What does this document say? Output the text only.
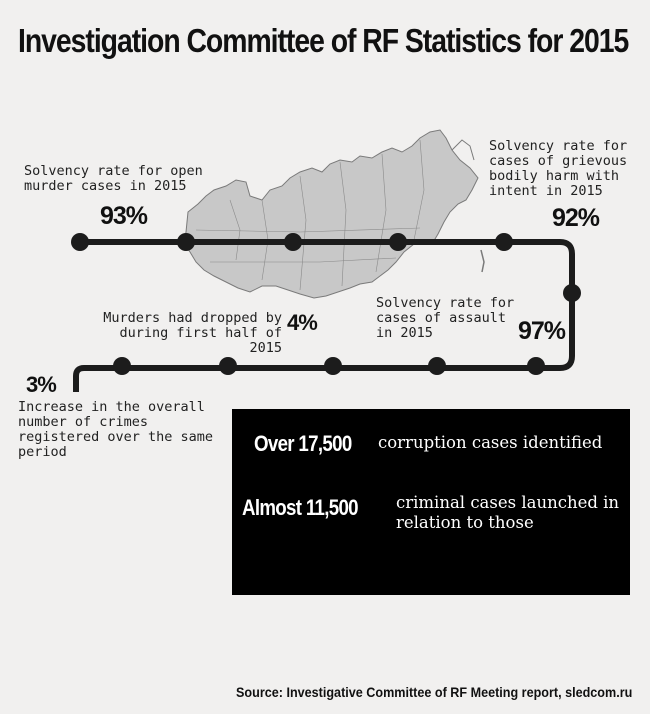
Investigation Committee of RF Statistics for 2015
Solvency rate for open murder cases in 2015
93%
Solvency rate for cases of grievous bodily harm with intent in 2015
92%
Solvency rate for cases of assault in 2015	97%
Murders had dropped by during first half of 2015
4%
3%
Increase in the overall number of crimes registered over the same period	Over 17,500 corruption cases identified
Almost 11,500 criminal cases launched in relation to those
Source: Investigative Committee of RF Meeting report, sledcom.ru
